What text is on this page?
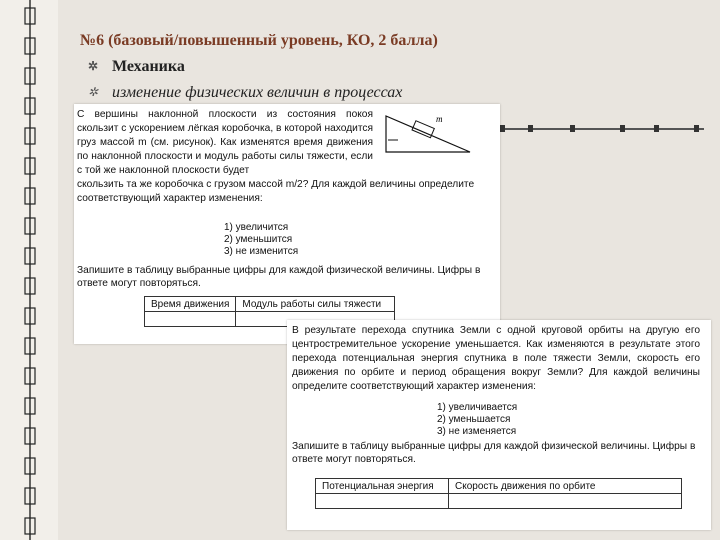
№6 (базовый/повышенный уровень, КО, 2 балла)
✲ Механика
✲ изменение физических величин в процессах
С вершины наклонной плоскости из состояния покоя скользит с ускорением лёгкая коробочка, в которой находится груз массой m (см. рисунок). Как изменятся время движения по наклонной плоскости и модуль работы силы тяжести, если с той же наклонной плоскости будет
m
скользить та же коробочка с грузом массой m/2? Для каждой величины определите соответствующий характер изменения:
1) увеличится
2) уменьшится
3) не изменится
Запишите в таблицу выбранные цифры для каждой физической величины. Цифры в ответе могут повторяться.
Время движения	Модуль работы силы тяжести

В результате перехода спутника Земли с одной круговой орбиты на другую его центростремительное ускорение уменьшается. Как изменяются в результате этого перехода потенциальная энергия спутника в поле тяжести Земли, скорость его движения по орбите и период обращения вокруг Земли? Для каждой величины определите соответствующий характер изменения:
1) увеличивается
2) уменьшается
3) не изменяется
Запишите в таблицу выбранные цифры для каждой физической величины. Цифры в ответе могут повторяться.
Потенциальная энергия	Скорость движения по орбите
